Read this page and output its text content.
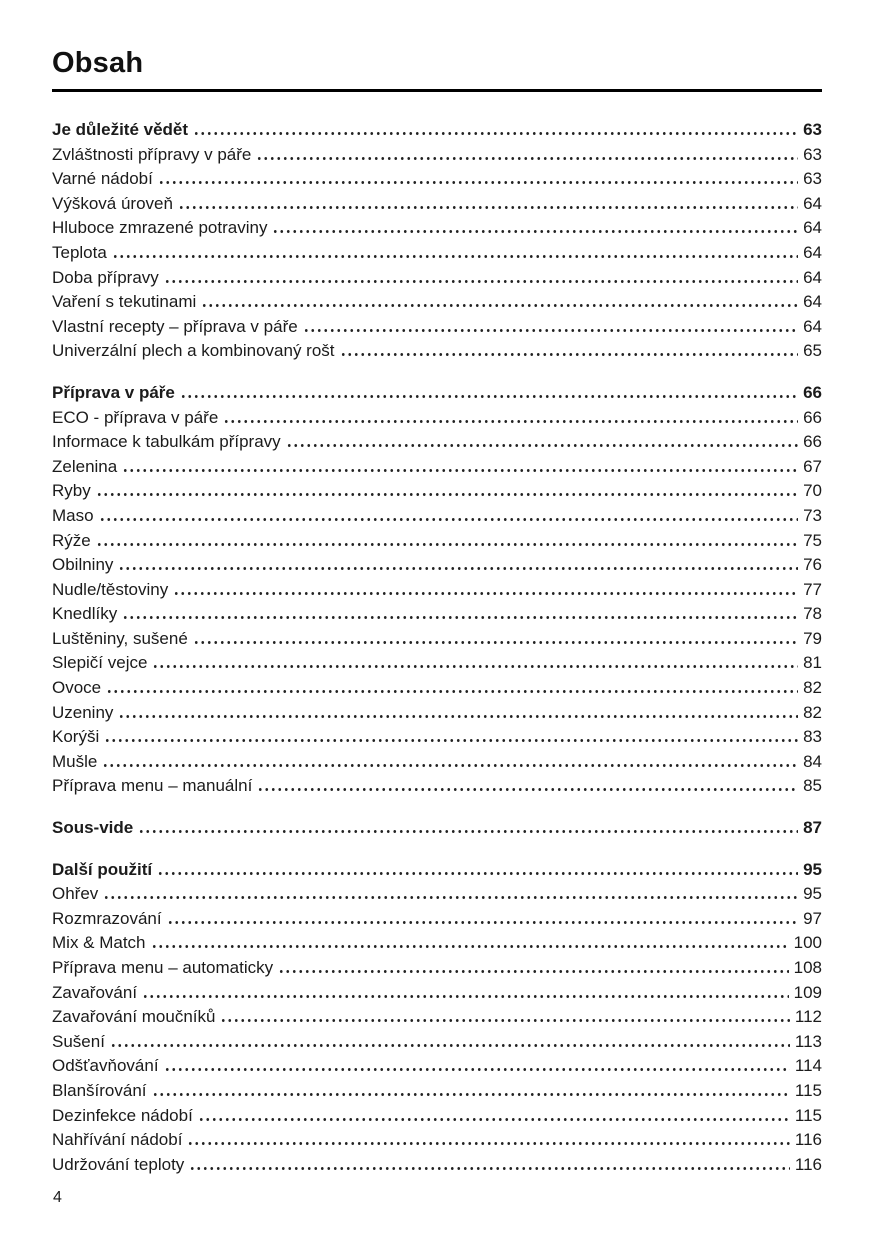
Obsah
Je důležité vědět	63
Zvláštnosti přípravy v páře	63
Varné nádobí	63
Výšková úroveň	64
Hluboce zmrazené potraviny	64
Teplota	64
Doba přípravy	64
Vaření s tekutinami	64
Vlastní recepty – příprava v páře	64
Univerzální plech a kombinovaný rošt	65
Příprava v páře	66
ECO - příprava v páře	66
Informace k tabulkám přípravy	66
Zelenina	67
Ryby	70
Maso	73
Rýže	75
Obilniny	76
Nudle/těstoviny	77
Knedlíky	78
Luštěniny, sušené	79
Slepičí vejce	81
Ovoce	82
Uzeniny	82
Korýši	83
Mušle	84
Příprava menu – manuální	85
Sous-vide	87
Další použití	95
Ohřev	95
Rozmrazování	97
Mix & Match	100
Příprava menu – automaticky	108
Zavařování	109
Zavařování moučníků	112
Sušení	113
Odšťavňování	114
Blanšírování	115
Dezinfekce nádobí	115
Nahřívání nádobí	116
Udržování teploty	116
4
